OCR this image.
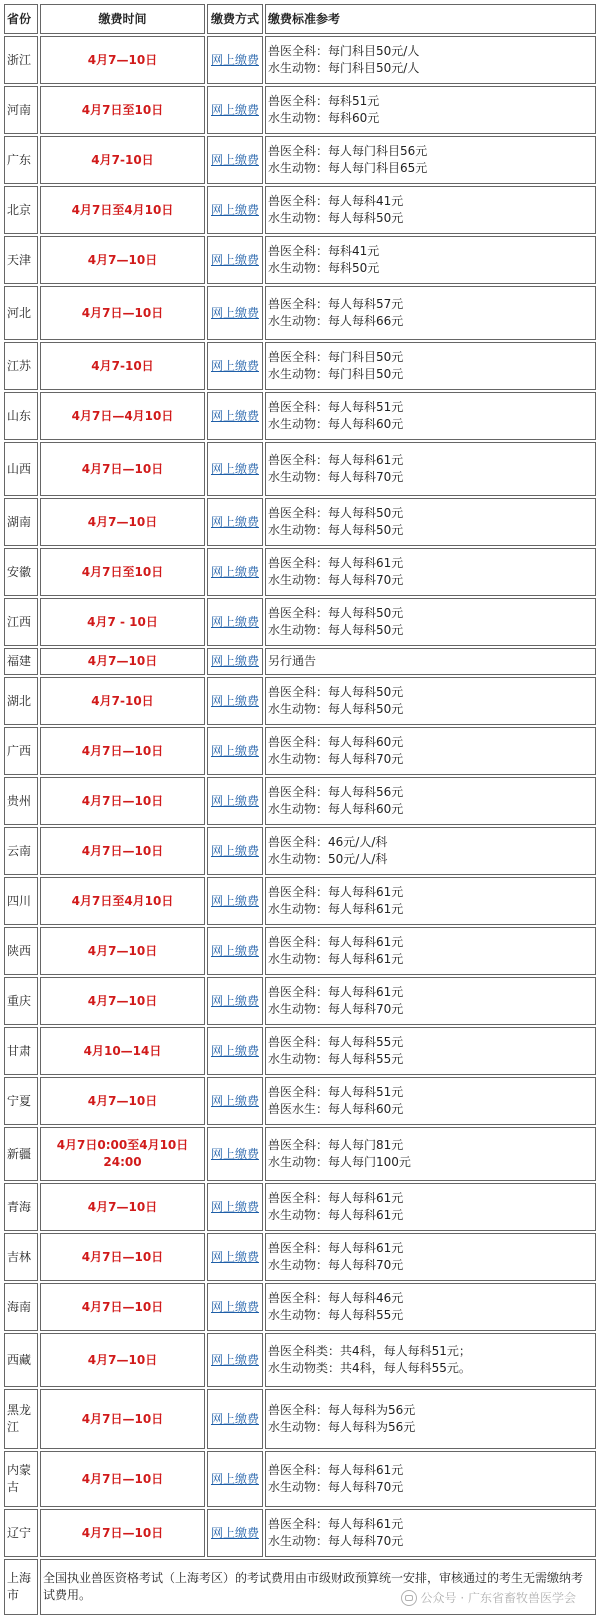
省份	缴费时间	缴费方式	缴费标准参考
浙江	4月7—10日	网上缴费	兽医全科：每门科目50元/人
水生动物：每门科目50元/人

河南	4月7日至10日	网上缴费	兽医全科：每科51元
水生动物：每科60元

广东	4月7-10日	网上缴费	兽医全科：每人每门科目56元
水生动物：每人每门科目65元

北京	4月7日至4月10日	网上缴费	兽医全科：每人每科41元
水生动物：每人每科50元

天津	4月7—10日	网上缴费	兽医全科：每科41元
水生动物：每科50元

河北	4月7日—10日	网上缴费	兽医全科：每人每科57元
水生动物：每人每科66元

江苏	4月7-10日	网上缴费	兽医全科：每门科目50元
水生动物：每门科目50元

山东	4月7日—4月10日	网上缴费	兽医全科：每人每科51元
水生动物：每人每科60元

山西	4月7日—10日	网上缴费	兽医全科：每人每科61元
水生动物：每人每科70元

湖南	4月7—10日	网上缴费	兽医全科：每人每科50元
水生动物：每人每科50元

安徽	4月7日至10日	网上缴费	兽医全科：每人每科61元
水生动物：每人每科70元

江西	4月7 - 10日	网上缴费	兽医全科：每人每科50元
水生动物：每人每科50元

福建	4月7—10日	网上缴费	另行通告

湖北	4月7-10日	网上缴费	兽医全科：每人每科50元
水生动物：每人每科50元

广西	4月7日—10日	网上缴费	兽医全科：每人每科60元
水生动物：每人每科70元

贵州	4月7日—10日	网上缴费	兽医全科：每人每科56元
水生动物：每人每科60元

云南	4月7日—10日	网上缴费	兽医全科：46元/人/科
水生动物：50元/人/科

四川	4月7日至4月10日	网上缴费	兽医全科：每人每科61元
水生动物：每人每科61元

陕西	4月7—10日	网上缴费	兽医全科：每人每科61元
水生动物：每人每科61元

重庆	4月7—10日	网上缴费	兽医全科：每人每科61元
水生动物：每人每科70元

甘肃	4月10—14日	网上缴费	兽医全科：每人每科55元
水生动物：每人每科55元

宁夏	4月7—10日	网上缴费	兽医全科：每人每科51元
兽医水生：每人每科60元

新疆	4月7日0:00至4月10日24:00	网上缴费	兽医全科：每人每门81元
水生动物：每人每门100元

青海	4月7—10日	网上缴费	兽医全科：每人每科61元
水生动物：每人每科61元

吉林	4月7日—10日	网上缴费	兽医全科：每人每科61元
水生动物：每人每科70元

海南	4月7日—10日	网上缴费	兽医全科：每人每科46元
水生动物：每人每科55元

西藏	4月7—10日	网上缴费	兽医全科类：共4科，每人每科51元；
水生动物类：共4科，每人每科55元。

黑龙江	4月7日—10日	网上缴费	兽医全科：每人每科为56元
水生动物：每人每科为56元

内蒙古	4月7日—10日	网上缴费	兽医全科：每人每科61元
水生动物：每人每科70元

辽宁	4月7日—10日	网上缴费	兽医全科：每人每科61元
水生动物：每人每科70元

上海市	全国执业兽医资格考试（上海考区）的考试费用由市级财政预算统一安排，审核通过的考生无需缴纳考试费用。			公众号 · 广东省畜牧兽医学会
